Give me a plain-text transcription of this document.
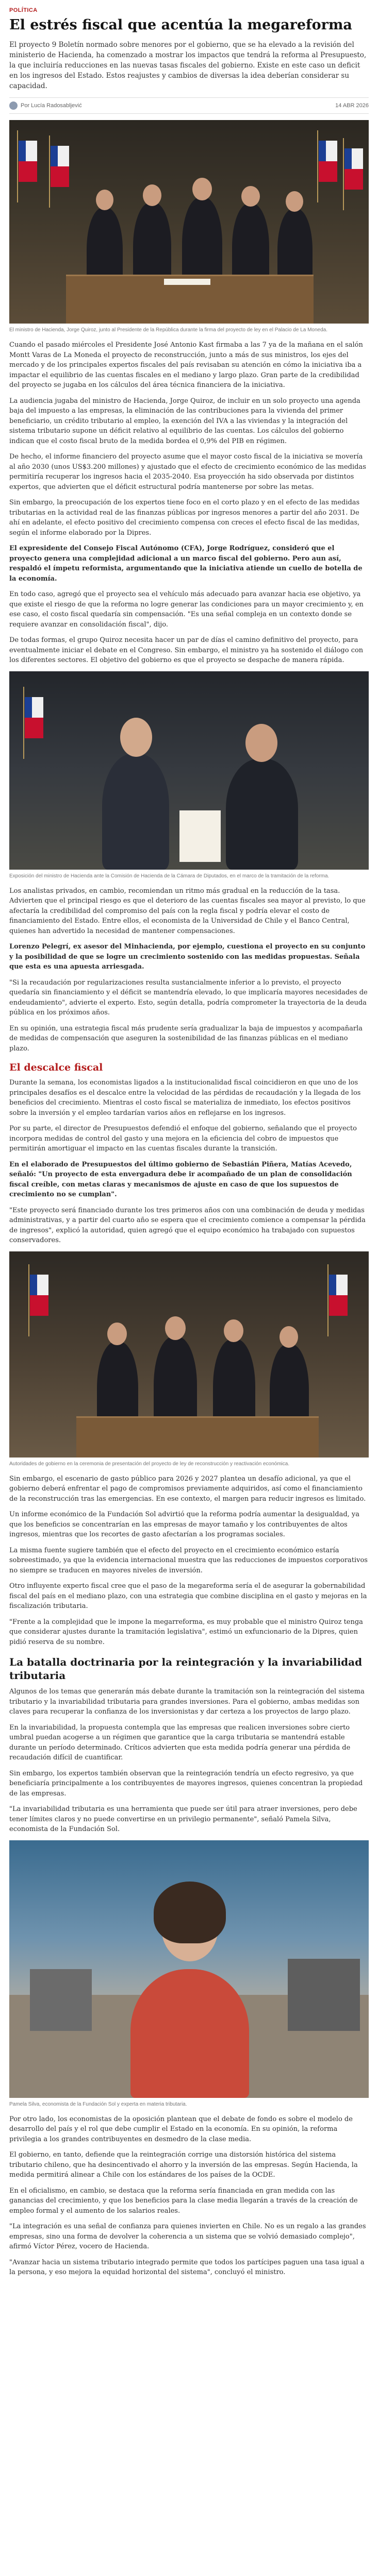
POLÍTICA
El estrés fiscal que acentúa la megareforma

El proyecto 9 Boletín normado sobre menores por el gobierno, que se ha elevado a la revisión del ministerio de Hacienda, ha comenzado a mostrar los impactos que tendrá la reforma al Presupuesto, la que incluiría reducciones en las nuevas tasas fiscales del gobierno. Existe en este caso un deficit en los ingresos del Estado. Estos reajustes y cambios de diversas la idea deberían considerar su capacidad.

Por Lucía Radosabljević	14 ABR 2026
El ministro de Hacienda, Jorge Quiroz, junto al Presidente de la República durante la firma del proyecto de ley en el Palacio de La Moneda.

Cuando el pasado miércoles el Presidente José Antonio Kast firmaba a las 7 ya de la mañana en el salón Montt Varas de La Moneda el proyecto de reconstrucción, junto a más de sus ministros, los ejes del mercado y de los principales expertos fiscales del país revisaban su atención en cómo la iniciativa iba a impactar el equilibrio de las cuentas fiscales en el mediano y largo plazo. Gran parte de la credibilidad del proyecto se jugaba en los cálculos del área técnica financiera de la iniciativa.

La audiencia jugaba del ministro de Hacienda, Jorge Quiroz, de incluir en un solo proyecto una agenda baja del impuesto a las empresas, la eliminación de las contribuciones para la vivienda del primer beneficiario, un crédito tributario al empleo, la exención del IVA a las viviendas y la integración del sistema tributario supone un déficit relativo al equilibrio de las cuentas. Los cálculos del gobierno indican que el costo fiscal bruto de la medida bordea el 0,9% del PIB en régimen.

De hecho, el informe financiero del proyecto asume que el mayor costo fiscal de la iniciativa se movería al año 2030 (unos US$3.200 millones) y ajustado que el efecto de crecimiento económico de las medidas permitiría recuperar los ingresos hacia el 2035-2040. Esa proyección ha sido observada por distintos expertos, que advierten que el déficit estructural podría mantenerse por sobre las metas.

Sin embargo, la preocupación de los expertos tiene foco en el corto plazo y en el efecto de las medidas tributarias en la actividad real de las finanzas públicas por ingresos menores a partir del año 2031. De ahí en adelante, el efecto positivo del crecimiento compensa con creces el efecto fiscal de las medidas, según el informe elaborado por la Dipres.

El expresidente del Consejo Fiscal Autónomo (CFA), Jorge Rodríguez, consideró que el proyecto genera una complejidad adicional a un marco fiscal del gobierno. Pero aun así, respaldó el ímpetu reformista, argumentando que la iniciativa atiende un cuello de botella de la economía.

En todo caso, agregó que el proyecto sea el vehículo más adecuado para avanzar hacia ese objetivo, ya que existe el riesgo de que la reforma no logre generar las condiciones para un mayor crecimiento y, en ese caso, el costo fiscal quedaría sin compensación. "Es una señal compleja en un contexto donde se requiere avanzar en consolidación fiscal", dijo.

De todas formas, el grupo Quiroz necesita hacer un par de días el camino definitivo del proyecto, para eventualmente iniciar el debate en el Congreso. Sin embargo, el ministro ya ha sostenido el diálogo con los diferentes sectores. El objetivo del gobierno es que el proyecto se despache de manera rápida.

Exposición del ministro de Hacienda ante la Comisión de Hacienda de la Cámara de Diputados, en el marco de la tramitación de la reforma.

Los analistas privados, en cambio, recomiendan un ritmo más gradual en la reducción de la tasa. Advierten que el principal riesgo es que el deterioro de las cuentas fiscales sea mayor al previsto, lo que afectaría la credibilidad del compromiso del país con la regla fiscal y podría elevar el costo de financiamiento del Estado. Entre ellos, el economista de la Universidad de Chile y el Banco Central, quienes han advertido la necesidad de mantener compensaciones.

Lorenzo Pelegrí, ex asesor del Minhacienda, por ejemplo, cuestiona el proyecto en su conjunto y la posibilidad de que se logre un crecimiento sostenido con las medidas propuestas. Señala que esta es una apuesta arriesgada.

"Si la recaudación por regularizaciones resulta sustancialmente inferior a lo previsto, el proyecto quedaría sin financiamiento y el déficit se mantendría elevado, lo que implicaría mayores necesidades de endeudamiento", advierte el experto. Esto, según detalla, podría comprometer la trayectoria de la deuda pública en los próximos años.

En su opinión, una estrategia fiscal más prudente sería gradualizar la baja de impuestos y acompañarla de medidas de compensación que aseguren la sostenibilidad de las finanzas públicas en el mediano plazo.

El descalce fiscal

Durante la semana, los economistas ligados a la institucionalidad fiscal coincidieron en que uno de los principales desafíos es el descalce entre la velocidad de las pérdidas de recaudación y la llegada de los beneficios del crecimiento. Mientras el costo fiscal se materializa de inmediato, los efectos positivos sobre la inversión y el empleo tardarían varios años en reflejarse en los ingresos.

Por su parte, el director de Presupuestos defendió el enfoque del gobierno, señalando que el proyecto incorpora medidas de control del gasto y una mejora en la eficiencia del cobro de impuestos que permitirán amortiguar el impacto en las cuentas fiscales durante la transición.

En el elaborado de Presupuestos del último gobierno de Sebastián Piñera, Matías Acevedo, señaló: "Un proyecto de esta envergadura debe ir acompañado de un plan de consolidación fiscal creíble, con metas claras y mecanismos de ajuste en caso de que los supuestos de crecimiento no se cumplan".

"Este proyecto será financiado durante los tres primeros años con una combinación de deuda y medidas administrativas, y a partir del cuarto año se espera que el crecimiento comience a compensar la pérdida de ingresos", explicó la autoridad, quien agregó que el equipo económico ha trabajado con supuestos conservadores.

Autoridades de gobierno en la ceremonia de presentación del proyecto de ley de reconstrucción y reactivación económica.

Sin embargo, el escenario de gasto público para 2026 y 2027 plantea un desafío adicional, ya que el gobierno deberá enfrentar el pago de compromisos previamente adquiridos, así como el financiamiento de la reconstrucción tras las emergencias. En ese contexto, el margen para reducir ingresos es limitado.

Un informe económico de la Fundación Sol advirtió que la reforma podría aumentar la desigualdad, ya que los beneficios se concentrarían en las empresas de mayor tamaño y los contribuyentes de altos ingresos, mientras que los recortes de gasto afectarían a los programas sociales.

La misma fuente sugiere también que el efecto del proyecto en el crecimiento económico estaría sobreestimado, ya que la evidencia internacional muestra que las reducciones de impuestos corporativos no siempre se traducen en mayores niveles de inversión.

Otro influyente experto fiscal cree que el paso de la megareforma sería el de asegurar la gobernabilidad fiscal del país en el mediano plazo, con una estrategia que combine disciplina en el gasto y mejoras en la fiscalización tributaria.

"Frente a la complejidad que le impone la megarreforma, es muy probable que el ministro Quiroz tenga que considerar ajustes durante la tramitación legislativa", estimó un exfuncionario de la Dipres, quien pidió reserva de su nombre.

La batalla doctrinaria por la reintegración y la invariabilidad tributaria

Algunos de los temas que generarán más debate durante la tramitación son la reintegración del sistema tributario y la invariabilidad tributaria para grandes inversiones. Para el gobierno, ambas medidas son claves para recuperar la confianza de los inversionistas y dar certeza a los proyectos de largo plazo.

En la invariabilidad, la propuesta contempla que las empresas que realicen inversiones sobre cierto umbral puedan acogerse a un régimen que garantice que la carga tributaria se mantendrá estable durante un período determinado. Críticos advierten que esta medida podría generar una pérdida de recaudación difícil de cuantificar.

Sin embargo, los expertos también observan que la reintegración tendría un efecto regresivo, ya que beneficiaría principalmente a los contribuyentes de mayores ingresos, quienes concentran la propiedad de las empresas.

"La invariabilidad tributaria es una herramienta que puede ser útil para atraer inversiones, pero debe tener límites claros y no puede convertirse en un privilegio permanente", señaló Pamela Silva, economista de la Fundación Sol.

Pamela Silva, economista de la Fundación Sol y experta en materia tributaria.

Por otro lado, los economistas de la oposición plantean que el debate de fondo es sobre el modelo de desarrollo del país y el rol que debe cumplir el Estado en la economía. En su opinión, la reforma privilegia a los grandes contribuyentes en desmedro de la clase media.

El gobierno, en tanto, defiende que la reintegración corrige una distorsión histórica del sistema tributario chileno, que ha desincentivado el ahorro y la inversión de las empresas. Según Hacienda, la medida permitirá alinear a Chile con los estándares de los países de la OCDE.

En el oficialismo, en cambio, se destaca que la reforma sería financiada en gran medida con las ganancias del crecimiento, y que los beneficios para la clase media llegarán a través de la creación de empleo formal y el aumento de los salarios reales.

"La integración es una señal de confianza para quienes invierten en Chile. No es un regalo a las grandes empresas, sino una forma de devolver la coherencia a un sistema que se volvió demasiado complejo", afirmó Víctor Pérez, vocero de Hacienda.

"Avanzar hacia un sistema tributario integrado permite que todos los partícipes paguen una tasa igual a la persona, y eso mejora la equidad horizontal del sistema", concluyó el ministro.
